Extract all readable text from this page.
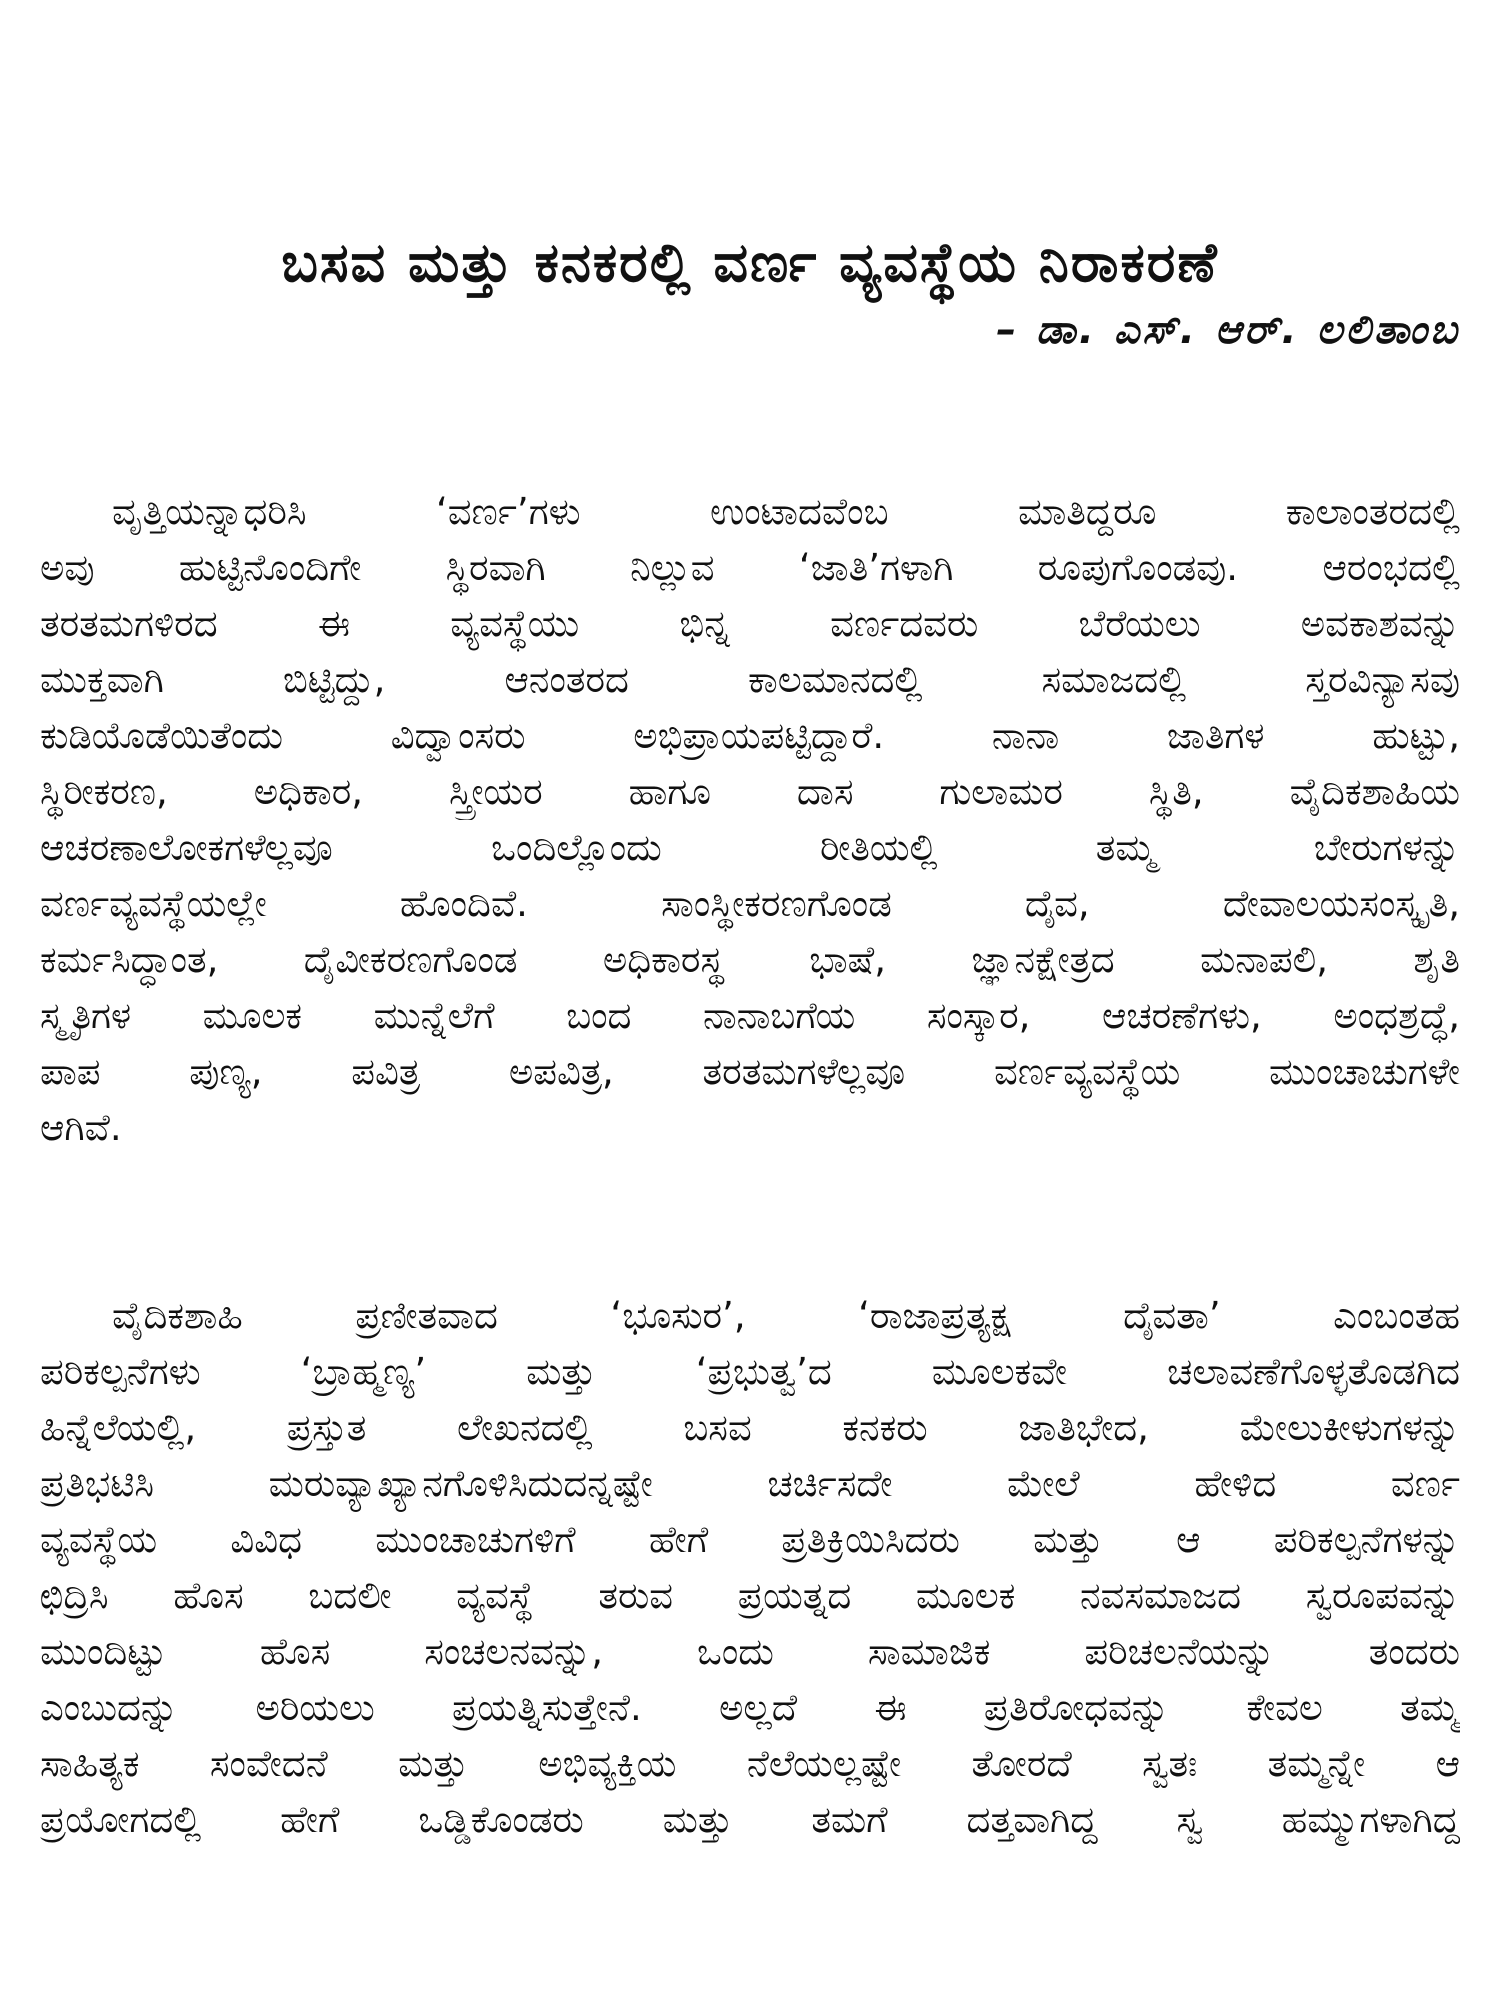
ಬಸವ ಮತ್ತು ಕನಕರಲ್ಲಿ ವರ್ಣ ವ್ಯವಸ್ಥೆಯ ನಿರಾಕರಣೆ
– ಡಾ. ಎಸ್. ಆರ್. ಲಲಿತಾಂಬ
ವೃತ್ತಿಯನ್ನಾಧರಿಸಿ ‘ವರ್ಣ’ಗಳು ಉಂಟಾದವೆಂಬ ಮಾತಿದ್ದರೂ ಕಾಲಾಂತರದಲ್ಲಿ
ಅವು ಹುಟ್ಟಿನೊಂದಿಗೇ ಸ್ಥಿರವಾಗಿ ನಿಲ್ಲುವ ‘ಜಾತಿ’ಗಳಾಗಿ ರೂಪುಗೊಂಡವು. ಆರಂಭದಲ್ಲಿ
ತರತಮಗಳಿರದ ಈ ವ್ಯವಸ್ಥೆಯು ಭಿನ್ನ ವರ್ಣದವರು ಬೆರೆಯಲು ಅವಕಾಶವನ್ನು
ಮುಕ್ತವಾಗಿ ಬಿಟ್ಟಿದ್ದು, ಆನಂತರದ ಕಾಲಮಾನದಲ್ಲಿ ಸಮಾಜದಲ್ಲಿ ಸ್ತರವಿನ್ಯಾಸವು
ಕುಡಿಯೊಡೆಯಿತೆಂದು ವಿದ್ವಾಂಸರು ಅಭಿಪ್ರಾಯಪಟ್ಟಿದ್ದಾರೆ. ನಾನಾ ಜಾತಿಗಳ ಹುಟ್ಟು,
ಸ್ಥಿರೀಕರಣ, ಅಧಿಕಾರ, ಸ್ತ್ರೀಯರ ಹಾಗೂ ದಾಸ ಗುಲಾಮರ ಸ್ಥಿತಿ, ವೈದಿಕಶಾಹಿಯ
ಆಚರಣಾಲೋಕಗಳೆಲ್ಲವೂ ಒಂದಿಲ್ಲೊಂದು ರೀತಿಯಲ್ಲಿ ತಮ್ಮ ಬೇರುಗಳನ್ನು
ವರ್ಣವ್ಯವಸ್ಥೆಯಲ್ಲೇ ಹೊಂದಿವೆ. ಸಾಂಸ್ಥೀಕರಣಗೊಂಡ ದೈವ, ದೇವಾಲಯಸಂಸ್ಕೃತಿ,
ಕರ್ಮಸಿದ್ಧಾಂತ, ದೈವೀಕರಣಗೊಂಡ ಅಧಿಕಾರಸ್ಥ ಭಾಷೆ, ಜ್ಞಾನಕ್ಷೇತ್ರದ ಮನಾಪಲಿ, ಶೃತಿ
ಸ್ಮೃತಿಗಳ ಮೂಲಕ ಮುನ್ನೆಲೆಗೆ ಬಂದ ನಾನಾಬಗೆಯ ಸಂಸ್ಕಾರ, ಆಚರಣೆಗಳು, ಅಂಧಶ್ರದ್ಧೆ,
ಪಾಪ ಪುಣ್ಯ, ಪವಿತ್ರ ಅಪವಿತ್ರ, ತರತಮಗಳೆಲ್ಲವೂ ವರ್ಣವ್ಯವಸ್ಥೆಯ ಮುಂಚಾಚುಗಳೇ
ಆಗಿವೆ.
ವೈದಿಕಶಾಹಿ ಪ್ರಣೀತವಾದ ‘ಭೂಸುರ’, ‘ರಾಜಾಪ್ರತ್ಯಕ್ಷ ದೈವತಾ’ ಎಂಬಂತಹ
ಪರಿಕಲ್ಪನೆಗಳು ‘ಬ್ರಾಹ್ಮಣ್ಯ’ ಮತ್ತು ‘ಪ್ರಭುತ್ವ’ದ ಮೂಲಕವೇ ಚಲಾವಣೆಗೊಳ್ಳತೊಡಗಿದ
ಹಿನ್ನೆಲೆಯಲ್ಲಿ, ಪ್ರಸ್ತುತ ಲೇಖನದಲ್ಲಿ ಬಸವ ಕನಕರು ಜಾತಿಭೇದ, ಮೇಲುಕೀಳುಗಳನ್ನು
ಪ್ರತಿಭಟಿಸಿ ಮರುವ್ಯಾಖ್ಯಾನಗೊಳಿಸಿದುದನ್ನಷ್ಟೇ ಚರ್ಚಿಸದೇ ಮೇಲೆ ಹೇಳಿದ ವರ್ಣ
ವ್ಯವಸ್ಥೆಯ ವಿವಿಧ ಮುಂಚಾಚುಗಳಿಗೆ ಹೇಗೆ ಪ್ರತಿಕ್ರಿಯಿಸಿದರು ಮತ್ತು ಆ ಪರಿಕಲ್ಪನೆಗಳನ್ನು
ಛಿದ್ರಿಸಿ ಹೊಸ ಬದಲೀ ವ್ಯವಸ್ಥೆ ತರುವ ಪ್ರಯತ್ನದ ಮೂಲಕ ನವಸಮಾಜದ ಸ್ವರೂಪವನ್ನು
ಮುಂದಿಟ್ಟು ಹೊಸ ಸಂಚಲನವನ್ನು, ಒಂದು ಸಾಮಾಜಿಕ ಪರಿಚಲನೆಯನ್ನು ತಂದರು
ಎಂಬುದನ್ನು ಅರಿಯಲು ಪ್ರಯತ್ನಿಸುತ್ತೇನೆ. ಅಲ್ಲದೆ ಈ ಪ್ರತಿರೋಧವನ್ನು ಕೇವಲ ತಮ್ಮ
ಸಾಹಿತ್ಯಕ ಸಂವೇದನೆ ಮತ್ತು ಅಭಿವ್ಯಕ್ತಿಯ ನೆಲೆಯಲ್ಲಷ್ಟೇ ತೋರದೆ ಸ್ವತಃ ತಮ್ಮನ್ನೇ ಆ
ಪ್ರಯೋಗದಲ್ಲಿ ಹೇಗೆ ಒಡ್ಡಿಕೊಂಡರು ಮತ್ತು ತಮಗೆ ದತ್ತವಾಗಿದ್ದ ಸ್ವ ಹಮ್ಮುಗಳಾಗಿದ್ದ
